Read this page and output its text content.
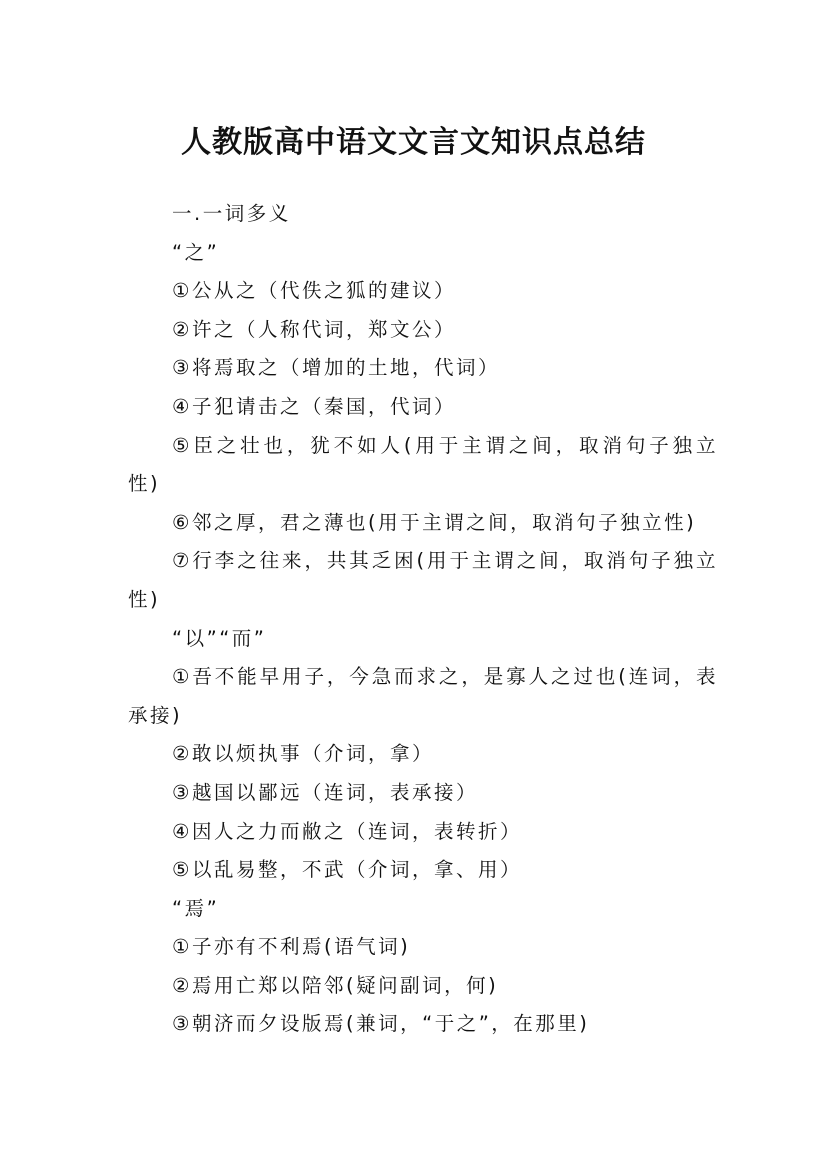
人教版高中语文文言文知识点总结

一.一词多义

“之”

①公从之（代佚之狐的建议）

②许之（人称代词，郑文公）

③将焉取之（增加的土地，代词）

④子犯请击之（秦国，代词）

⑤臣之壮也，犹不如人(用于主谓之间，取消句子独立性)

⑥邻之厚，君之薄也(用于主谓之间，取消句子独立性)

⑦行李之往来，共其乏困(用于主谓之间，取消句子独立性)

“以”“而”

①吾不能早用子，今急而求之，是寡人之过也(连词，表承接)

②敢以烦执事（介词，拿）

③越国以鄙远（连词，表承接）

④因人之力而敝之（连词，表转折）

⑤以乱易整，不武（介词，拿、用）

“焉”

①子亦有不利焉(语气词)

②焉用亡郑以陪邻(疑问副词，何)

③朝济而夕设版焉(兼词，“于之”，在那里)
